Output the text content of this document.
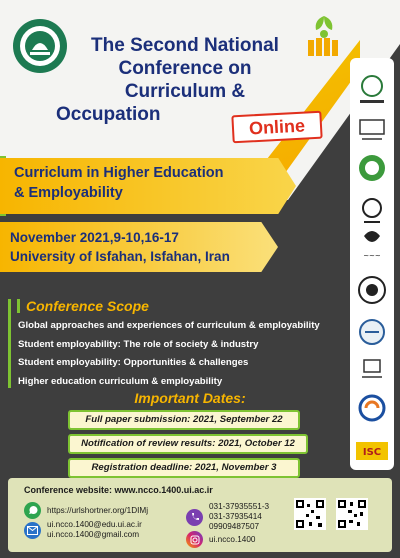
~~~
ISC
The Second National
Conference on
Curriculum &
Occupation
Online
Curriclum in Higher Education
& Employability
November 2021,9-10,16-17
University of Isfahan, Isfahan, Iran
Conference Scope
Global approaches and experiences of curriculum & employability
Student employability: The role of society & industry
Student employability: Opportunities & challenges
Higher education curriculum & employability
Important Dates:
Full paper submission: 2021, September 22
Notification of review results: 2021, October 12
Registration deadline: 2021, November 3
Conference website: www.ncco.1400.ui.ac.ir
https://urlshortner.org/1DIMj
ui.ncco.1400@edu.ui.ac.ir
ui.ncco.1400@gmail.com
031-37935551-3
031-37935414
09909487507
ui.ncco.1400
